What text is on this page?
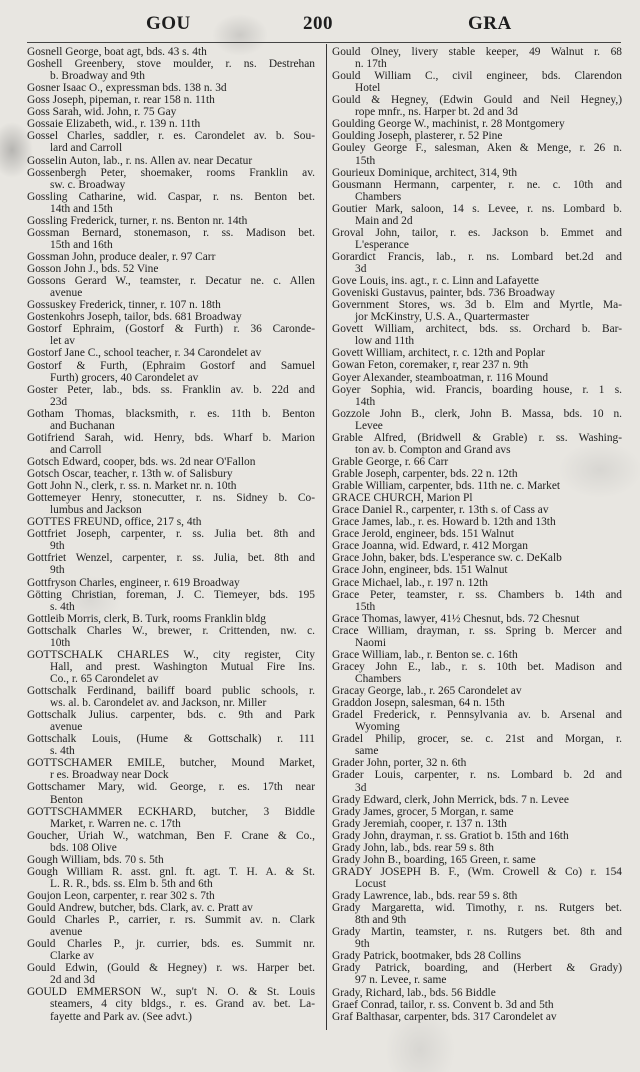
GOU	200	GRA
Gosnell George, boat agt, bds. 43 s. 4th
Goshell Greenbery, stove moulder, r. ns. Destrehan
b. Broadway and 9th
Gosner Isaac O., expressman bds. 138 n. 3d
Goss Joseph, pipeman, r. rear 158 n. 11th
Goss Sarah, wid. John, r. 75 Gay
Gossaie Elizabeth, wid., r. 139 n. 11th
Gossel Charles, saddler, r. es. Carondelet av. b. Sou-
lard and Carroll
Gosselin Auton, lab., r. ns. Allen av. near Decatur
Gossenbergh Peter, shoemaker, rooms Franklin av.
sw. c. Broadway
Gossling Catharine, wid. Caspar, r. ns. Benton bet.
14th and 15th
Gossling Frederick, turner, r. ns. Benton nr. 14th
Gossman Bernard, stonemason, r. ss. Madison bet.
15th and 16th
Gossman John, produce dealer, r. 97 Carr
Gosson John J., bds. 52 Vine
Gossons Gerard W., teamster, r. Decatur ne. c. Allen
avenue
Gossuskey Frederick, tinner, r. 107 n. 18th
Gostenkohrs Joseph, tailor, bds. 681 Broadway
Gostorf Ephraim, (Gostorf & Furth) r. 36 Caronde-
let av
Gostorf Jane C., school teacher, r. 34 Carondelet av
Gostorf & Furth, (Ephraim Gostorf and Samuel
Furth) grocers, 40 Carondelet av
Goster Peter, lab., bds. ss. Franklin av. b. 22d and
23d
Gotham Thomas, blacksmith, r. es. 11th b. Benton
and Buchanan
Gotifriend Sarah, wid. Henry, bds. Wharf b. Marion
and Carroll
Gotsch Edward, cooper, bds. ws. 2d near O'Fallon
Gotsch Oscar, teacher, r. 13th w. of Salisbury
Gott John N., clerk, r. ss. n. Market nr. n. 10th
Gottemeyer Henry, stonecutter, r. ns. Sidney b. Co-
lumbus and Jackson
GOTTES FREUND, office, 217 s, 4th
Gottfriet Joseph, carpenter, r. ss. Julia bet. 8th and
9th
Gottfriet Wenzel, carpenter, r. ss. Julia, bet. 8th and
9th
Gottfryson Charles, engineer, r. 619 Broadway
Götting Christian, foreman, J. C. Tiemeyer, bds. 195
s. 4th
Gottleib Morris, clerk, B. Turk, rooms Franklin bldg
Gottschalk Charles W., brewer, r. Crittenden, nw. c.
10th
GOTTSCHALK CHARLES W., city register, City
Hall, and prest. Washington Mutual Fire Ins.
Co., r. 65 Carondelet av
Gottschalk Ferdinand, bailiff board public schools, r.
ws. al. b. Carondelet av. and Jackson, nr. Miller
Gottschalk Julius. carpenter, bds. c. 9th and Park
avenue
Gottschalk Louis, (Hume & Gottschalk) r. 111
s. 4th
GOTTSCHAMER EMILE, butcher, Mound Market,
r es. Broadway near Dock
Gottschamer Mary, wid. George, r. es. 17th near
Benton
GOTTSCHAMMER ECKHARD, butcher, 3 Biddle
Market, r. Warren ne. c. 17th
Goucher, Uriah W., watchman, Ben F. Crane & Co.,
bds. 108 Olive
Gough William, bds. 70 s. 5th
Gough William R. asst. gnl. ft. agt. T. H. A. & St.
L. R. R., bds. ss. Elm b. 5th and 6th
Goujon Leon, carpenter, r. rear 302 s. 7th
Gould Andrew, butcher, bds. Clark, av. c. Pratt av
Gould Charles P., carrier, r. rs. Summit av. n. Clark
avenue
Gould Charles P., jr. currier, bds. es. Summit nr.
Clarke av
Gould Edwin, (Gould & Hegney) r. ws. Harper bet.
2d and 3d
GOULD EMMERSON W., sup't N. O. & St. Louis
steamers, 4 city bldgs., r. es. Grand av. bet. La-
fayette and Park av. (See advt.)
Gould Olney, livery stable keeper, 49 Walnut r. 68
n. 17th
Gould William C., civil engineer, bds. Clarendon
Hotel
Gould & Hegney, (Edwin Gould and Neil Hegney,)
rope mnfr., ns. Harper bt. 2d and 3d
Goulding George W., machinist, r. 28 Montgomery
Goulding Joseph, plasterer, r. 52 Pine
Gouley George F., salesman, Aken & Menge, r. 26 n.
15th
Gourieux Dominique, architect, 314, 9th
Gousmann Hermann, carpenter, r. ne. c. 10th and
Chambers
Goutier Mark, saloon, 14 s. Levee, r. ns. Lombard b.
Main and 2d
Groval John, tailor, r. es. Jackson b. Emmet and
L'esperance
Gorardict Francis, lab., r. ns. Lombard bet.2d and
3d
Gove Louis, ins. agt., r. c. Linn and Lafayette
Goveniski Gustavus, painter, bds. 736 Broadway
Government Stores, ws. 3d b. Elm and Myrtle, Ma-
jor McKinstry, U.S. A., Quartermaster
Govett William, architect, bds. ss. Orchard b. Bar-
low and 11th
Govett William, architect, r. c. 12th and Poplar
Gowan Feton, coremaker, r, rear 237 n. 9th
Goyer Alexander, steamboatman, r. 116 Mound
Goyer Sophia, wid. Francis, boarding house, r. 1 s.
14th
Gozzole John B., clerk, John B. Massa, bds. 10 n.
Levee
Grable Alfred, (Bridwell & Grable) r. ss. Washing-
ton av. b. Compton and Grand avs
Grable George, r. 66 Carr
Grable Joseph, carpenter, bds. 22 n. 12th
Grable William, carpenter, bds. 11th ne. c. Market
GRACE CHURCH, Marion Pl
Grace Daniel R., carpenter, r. 13th s. of Cass av
Grace James, lab., r. es. Howard b. 12th and 13th
Grace Jerold, engineer, bds. 151 Walnut
Grace Joanna, wid. Edward, r. 412 Morgan
Grace John, baker, bds. L'esperance sw. c. DeKalb
Grace John, engineer, bds. 151 Walnut
Grace Michael, lab., r. 197 n. 12th
Grace Peter, teamster, r. ss. Chambers b. 14th and
15th
Grace Thomas, lawyer, 41½ Chesnut, bds. 72 Chesnut
Crace William, drayman, r. ss. Spring b. Mercer and
Naomi
Grace William, lab., r. Benton se. c. 16th
Gracey John E., lab., r. s. 10th bet. Madison and
Chambers
Gracay George, lab., r. 265 Carondelet av
Graddon Josepn, salesman, 64 n. 15th
Gradel Frederick, r. Pennsylvania av. b. Arsenal and
Wyoming
Gradel Philip, grocer, se. c. 21st and Morgan, r.
same
Grader John, porter, 32 n. 6th
Grader Louis, carpenter, r. ns. Lombard b. 2d and
3d
Grady Edward, clerk, John Merrick, bds. 7 n. Levee
Grady James, grocer, 5 Morgan, r. same
Grady Jeremiah, cooper, r. 137 n. 13th
Grady John, drayman, r. ss. Gratiot b. 15th and 16th
Grady John, lab., bds. rear 59 s. 8th
Grady John B., boarding, 165 Green, r. same
GRADY JOSEPH B. F., (Wm. Crowell & Co) r. 154
Locust
Grady Lawrence, lab., bds. rear 59 s. 8th
Grady Margaretta, wid. Timothy, r. ns. Rutgers bet.
8th and 9th
Grady Martin, teamster, r. ns. Rutgers bet. 8th and
9th
Grady Patrick, bootmaker, bds 28 Collins
Grady Patrick, boarding, and (Herbert & Grady)
97 n. Levee, r. same
Grady, Richard, lab., bds. 56 Biddle
Graef Conrad, tailor, r. ss. Convent b. 3d and 5th
Graf Balthasar, carpenter, bds. 317 Carondelet av
